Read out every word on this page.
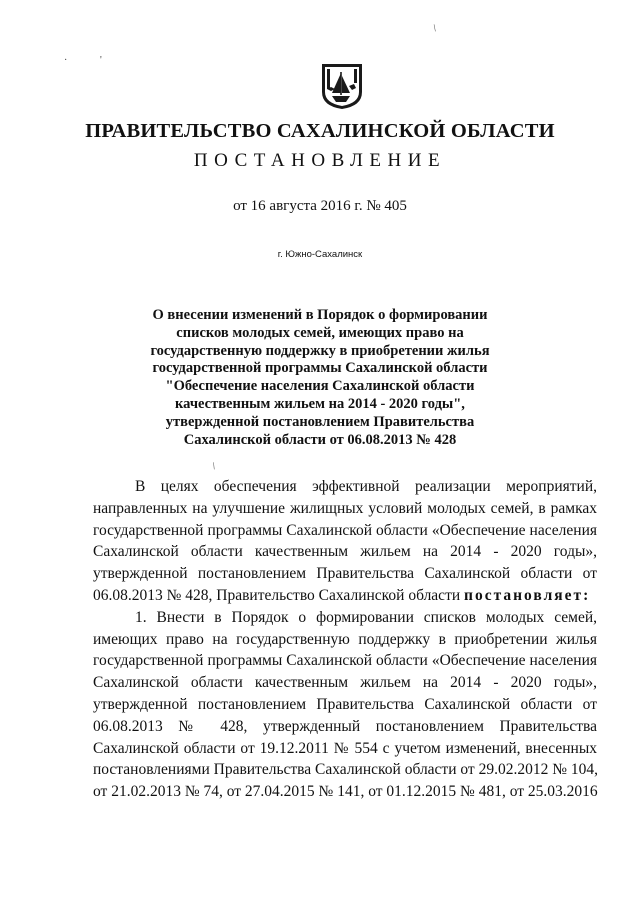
·	'
/
/
ПРАВИТЕЛЬСТВО САХАЛИНСКОЙ ОБЛАСТИ
ПОСТАНОВЛЕНИЕ
от 16 августа 2016 г. № 405
г. Южно-Сахалинск
О внесении изменений в Порядок о формировании
списков молодых семей, имеющих право на
государственную поддержку в приобретении жилья
государственной программы Сахалинской области
"Обеспечение населения Сахалинской области
качественным жильем на 2014 - 2020 годы",
утвержденной постановлением Правительства
Сахалинской области от 06.08.2013 № 428
В целях обеспечения эффективной реализации мероприятий,
направленных на улучшение жилищных условий молодых семей, в рамках
государственной программы Сахалинской области «Обеспечение населения
Сахалинской области качественным жильем на 2014 - 2020 годы»,
утвержденной постановлением Правительства Сахалинской области от
06.08.2013 № 428, Правительство Сахалинской области постановляет:
1. Внести в Порядок о формировании списков молодых семей,
имеющих право на государственную поддержку в приобретении жилья
государственной программы Сахалинской области «Обеспечение населения
Сахалинской области качественным жильем на 2014 - 2020 годы»,
утвержденной постановлением Правительства Сахалинской области от
06.08.2013 № 428, утвержденный постановлением Правительства
Сахалинской области от 19.12.2011 № 554 с учетом изменений, внесенных
постановлениями Правительства Сахалинской области от 29.02.2012 № 104,
от 21.02.2013 № 74, от 27.04.2015 № 141, от 01.12.2015 № 481, от 25.03.2016
